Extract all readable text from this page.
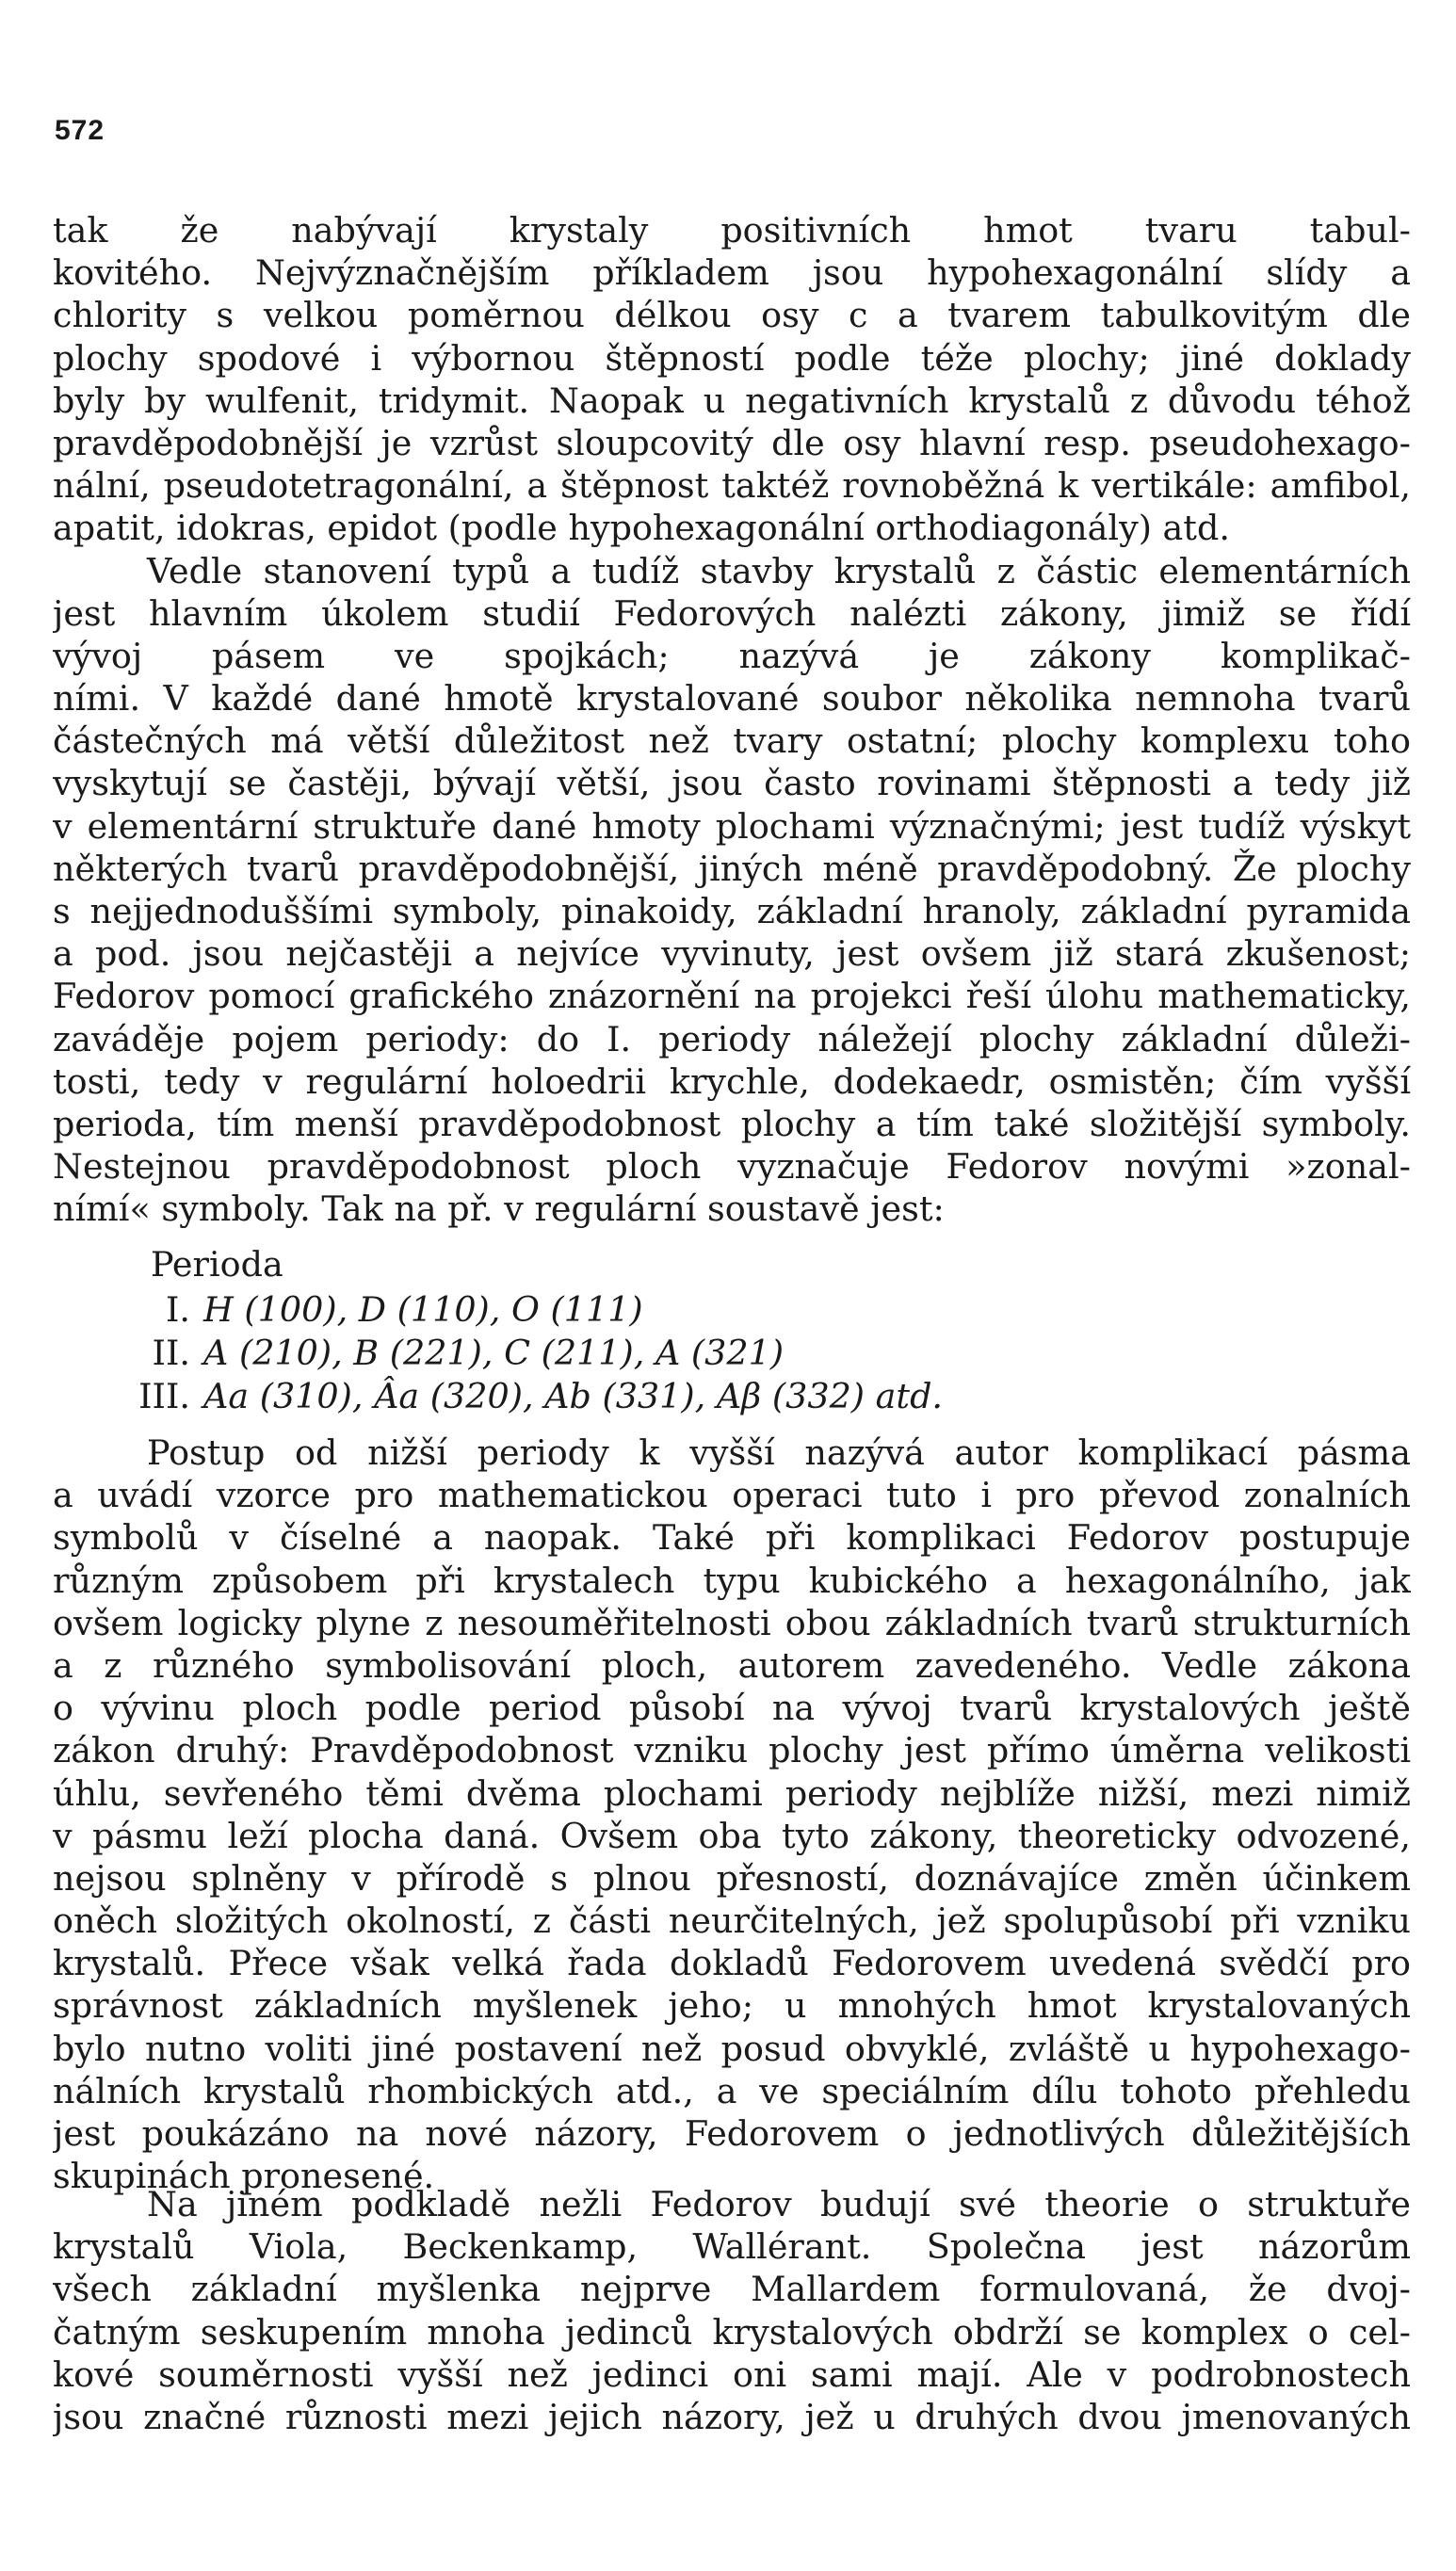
572
tak že nabývají krystaly positivních hmot tvaru tabul-
kovitého. Nejvýznačnějším příkladem jsou hypohexagonální slídy a
chlority s velkou poměrnou délkou osy c a tvarem tabulkovitým dle
plochy spodové i výbornou štěpností podle téže plochy; jiné doklady
byly by wulfenit, tridymit. Naopak u negativních krystalů z důvodu téhož
pravděpodobnější je vzrůst sloupcovitý dle osy hlavní resp. pseudohexago-
nální, pseudotetragonální, a štěpnost taktéž rovnoběžná k vertikále: amfibol,
apatit, idokras, epidot (podle hypohexagonální orthodiagonály) atd.
Vedle stanovení typů a tudíž stavby krystalů z částic elementárních
jest hlavním úkolem studií Fedorových nalézti zákony, jimiž se řídí
vývoj pásem ve spojkách; nazývá je zákony komplikač-
ními. V každé dané hmotě krystalované soubor několika nemnoha tvarů
částečných má větší důležitost než tvary ostatní; plochy komplexu toho
vyskytují se častěji, bývají větší, jsou často rovinami štěpnosti a tedy již
v elementární struktuře dané hmoty plochami význačnými; jest tudíž výskyt
některých tvarů pravděpodobnější, jiných méně pravděpodobný. Že plochy
s nejjednoduššími symboly, pinakoidy, základní hranoly, základní pyramida
a pod. jsou nejčastěji a nejvíce vyvinuty, jest ovšem již stará zkušenost;
Fedorov pomocí grafického znázornění na projekci řeší úlohu mathematicky,
zaváděje pojem periody: do I. periody náležejí plochy základní důleži-
tosti, tedy v regulární holoedrii krychle, dodekaedr, osmistěn; čím vyšší
perioda, tím menší pravděpodobnost plochy a tím také složitější symboly.
Nestejnou pravděpodobnost ploch vyznačuje Fedorov novými »zonal-
nímí« symboly. Tak na př. v regulární soustavě jest:
Perioda
I. H (100), D (110), O (111)
II. A (210), B (221), C (211), A (321)
III. Aa (310), Âa (320), Ab (331), Aβ (332) atd.
Postup od nižší periody k vyšší nazývá autor komplikací pásma
a uvádí vzorce pro mathematickou operaci tuto i pro převod zonalních
symbolů v číselné a naopak. Také při komplikaci Fedorov postupuje
různým způsobem při krystalech typu kubického a hexagonálního, jak
ovšem logicky plyne z nesouměřitelnosti obou základních tvarů strukturních
a z různého symbolisování ploch, autorem zavedeného. Vedle zákona
o vývinu ploch podle period působí na vývoj tvarů krystalových ještě
zákon druhý: Pravděpodobnost vzniku plochy jest přímo úměrna velikosti
úhlu, sevřeného těmi dvěma plochami periody nejblíže nižší, mezi nimiž
v pásmu leží plocha daná. Ovšem oba tyto zákony, theoreticky odvozené,
nejsou splněny v přírodě s plnou přesností, doznávajíce změn účinkem
oněch složitých okolností, z části neurčitelných, jež spolupůsobí při vzniku
krystalů. Přece však velká řada dokladů Fedorovem uvedená svědčí pro
správnost základních myšlenek jeho; u mnohých hmot krystalovaných
bylo nutno voliti jiné postavení než posud obvyklé, zvláště u hypohexago-
nálních krystalů rhombických atd., a ve speciálním dílu tohoto přehledu
jest poukázáno na nové názory, Fedorovem o jednotlivých důležitějších
skupinách pronesené.
Na jiném podkladě nežli Fedorov budují své theorie o struktuře
krystalů Viola, Beckenkamp, Wallérant. Společna jest názorům
všech základní myšlenka nejprve Mallardem formulovaná, že dvoj-
čatným seskupením mnoha jedinců krystalových obdrží se komplex o cel-
kové souměrnosti vyšší než jedinci oni sami mají. Ale v podrobnostech
jsou značné různosti mezi jejich názory, jež u druhých dvou jmenovaných
